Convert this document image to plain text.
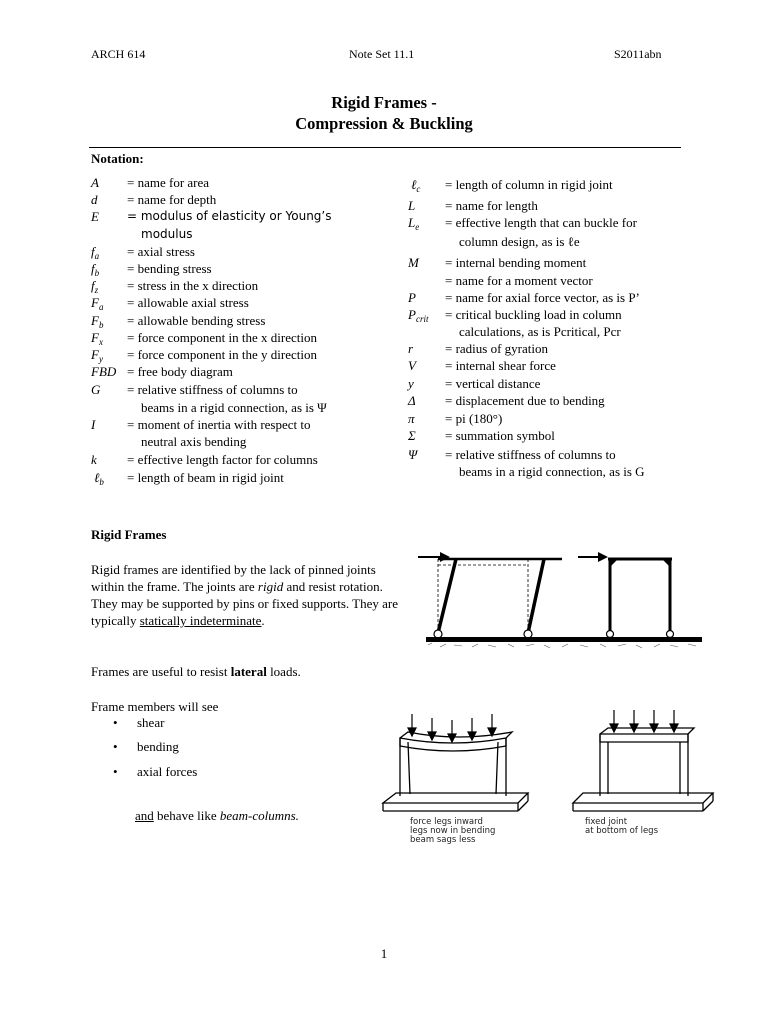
ARCH 614	Note Set 11.1	S2011abn
Rigid Frames -
Compression & Buckling
Notation:
A = name for area
d = name for depth
E = modulus of elasticity or Young’s
modulus
$f_a$ = axial stress
$f_b$ = bending stress
$f_z$ = stress in the x direction
$F_a$ = allowable axial stress
$F_b$ = allowable bending stress
$F_x$ = force component in the x direction
$F_y$ = force component in the y direction
FBD = free body diagram
G = relative stiffness of columns to
beams in a rigid connection, as is Ψ
I = moment of inertia with respect to
neutral axis bending
k = effective length factor for columns
ℓ$_b$ = length of beam in rigid joint
ℓ$_c$ = length of column in rigid joint
L = name for length
$L_e$ = effective length that can buckle for
column design, as is ℓe
M = internal bending moment
= name for a moment vector
P = name for axial force vector, as is P’
$P_{crit}$ = critical buckling load in column
calculations, as is Pcritical, Pcr
r = radius of gyration
V = internal shear force
y = vertical distance
Δ = displacement due to bending
π = pi (180°)
Σ = summation symbol
Ψ = relative stiffness of columns to
beams in a rigid connection, as is G
Rigid Frames
Rigid frames are identified by the lack of pinned joints within the frame. The joints are rigid and resist rotation. They may be supported by pins or fixed supports. They are typically statically indeterminate.
Frames are useful to resist lateral loads.
Frame members will see
• shear
• bending
• axial forces
and behave like beam-columns.	force legs inward
legs now in bending
beam sags less
fixed joint
at bottom of legs
1
